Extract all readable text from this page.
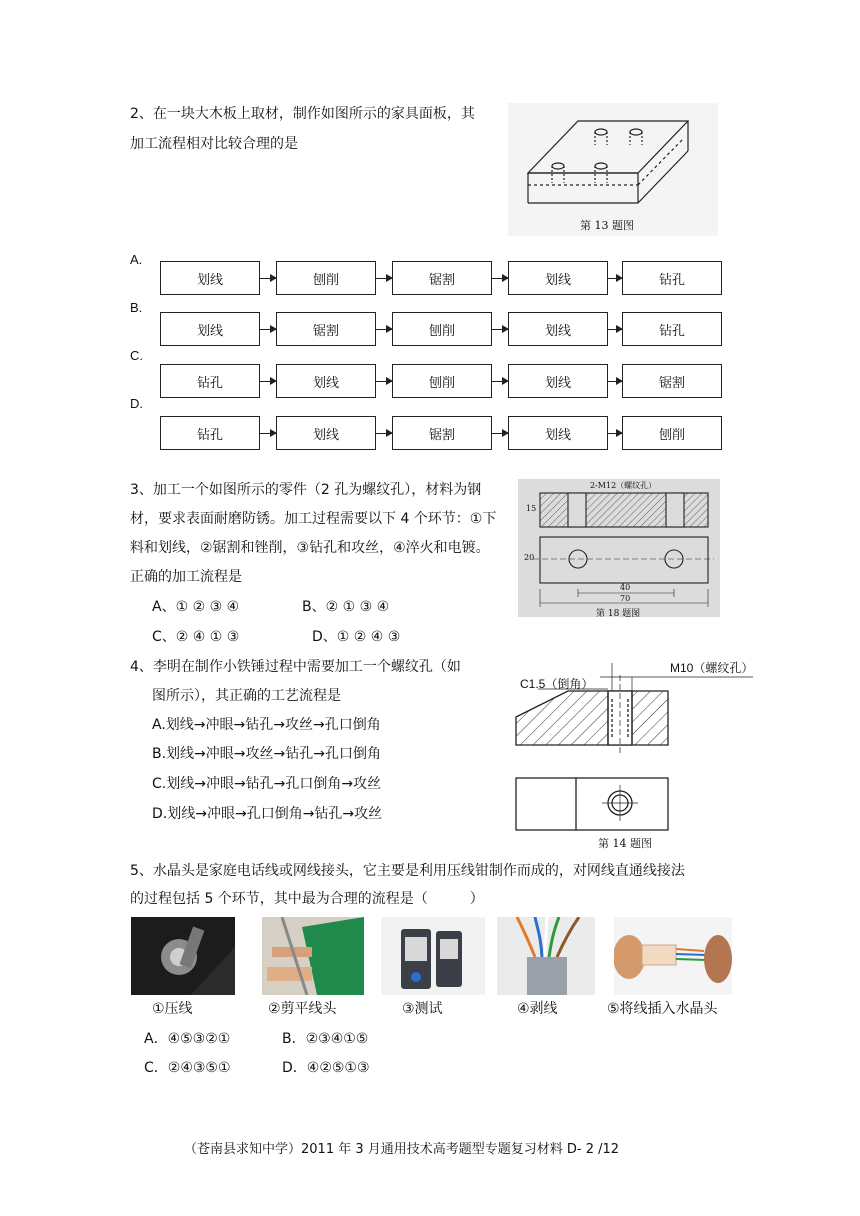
2、在一块大木板上取材，制作如图所示的家具面板，其
加工流程相对比较合理的是
第 13 题图
A.
划线	刨削	锯割	划线	钻孔
B.
划线	锯割	刨削	划线	钻孔
C.
钻孔	划线	刨削	划线	锯割
D.
钻孔	划线	锯割	划线	刨削
3、加工一个如图所示的零件（2 孔为螺纹孔），材料为钢
材，要求表面耐磨防锈。加工过程需要以下 4 个环节：①下
料和划线，②锯割和锉削，③钻孔和攻丝，④淬火和电镀。
正确的加工流程是
A、① ② ③ ④	B、② ① ③ ④
C、② ④ ① ③	D、① ② ④ ③
2-M12（螺纹孔）
15
20
40
70
第 18 题图
4、李明在制作小铁锤过程中需要加工一个螺纹孔（如
图所示），其正确的工艺流程是
A.划线→冲眼→钻孔→攻丝→孔口倒角
B.划线→冲眼→攻丝→钻孔→孔口倒角
C.划线→冲眼→钻孔→孔口倒角→攻丝
D.划线→冲眼→孔口倒角→钻孔→攻丝
C1.5（倒角）
M10（螺纹孔）
第 14 题图
5、水晶头是家庭电话线或网线接头，它主要是利用压线钳制作而成的，对网线直通线接法
的过程包括 5 个环节，其中最为合理的流程是（　　　）
①压线	②剪平线头	③测试	④剥线	⑤将线插入水晶头
A．④⑤③②①	B．②③④①⑤
C．②④③⑤①	D．④②⑤①③
（苍南县求知中学）2011 年 3 月通用技术高考题型专题复习材料 D- 2 /12
